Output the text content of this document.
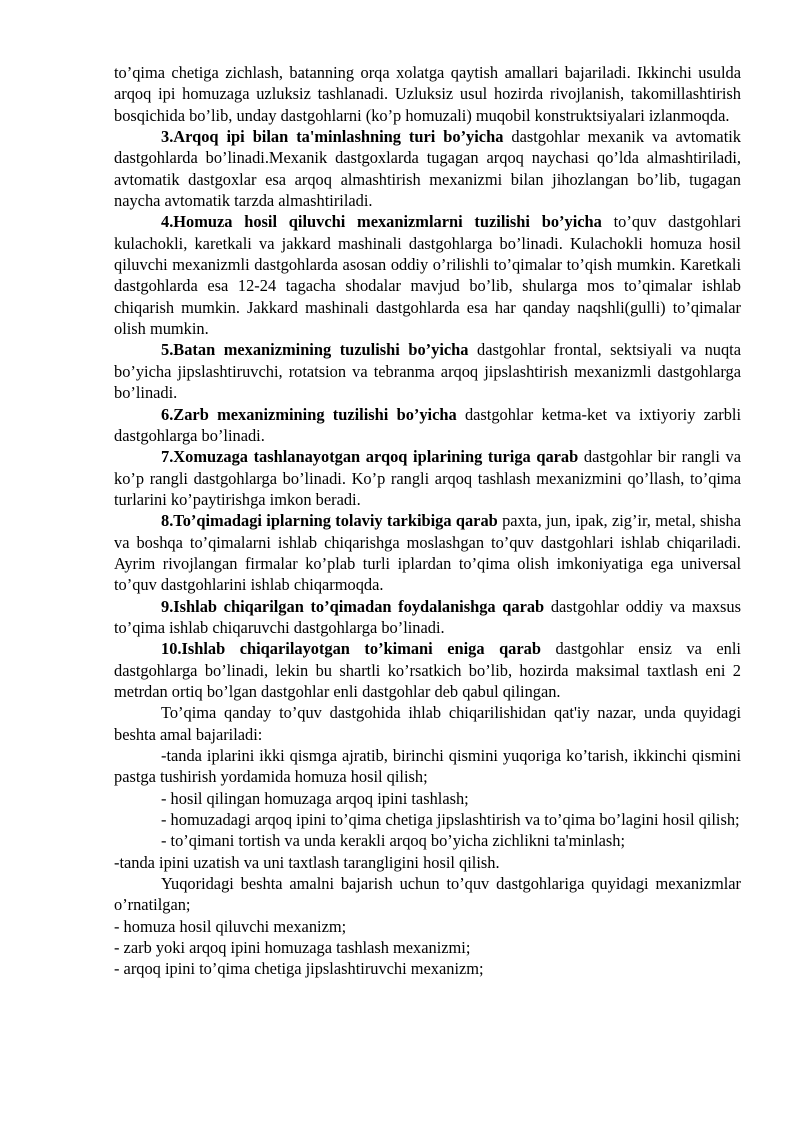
to’qima chetiga zichlash, batanning orqa xolatga qaytish amallari bajariladi. Ikkinchi usulda arqoq ipi homuzaga uzluksiz tashlanadi. Uzluksiz usul hozirda rivojlanish, takomillashtirish bosqichida bo’lib, unday dastgohlarni (ko’p homuzali) muqobil konstruktsiyalari izlanmoqda.

3.Arqoq ipi bilan ta'minlashning turi bo’yicha dastgohlar mexanik va avtomatik dastgohlarda bo’linadi.Mexanik dastgoxlarda tugagan arqoq naychasi qo’lda almashtiriladi, avtomatik dastgoxlar esa arqoq almashtirish mexanizmi bilan jihozlangan bo’lib, tugagan naycha avtomatik tarzda almashtiriladi.

4.Homuza hosil qiluvchi mexanizmlarni tuzilishi bo’yicha to’quv dastgohlari kulachokli, karetkali va jakkard mashinali dastgohlarga bo’linadi. Kulachokli homuza hosil qiluvchi mexanizmli dastgohlarda asosan oddiy o’rilishli to’qimalar to’qish mumkin. Karetkali dastgohlarda esa 12-24 tagacha shodalar mavjud bo’lib, shularga mos to’qimalar ishlab chiqarish mumkin. Jakkard mashinali dastgohlarda esa har qanday naqshli(gulli) to’qimalar olish mumkin.

5.Batan mexanizmining tuzulishi bo’yicha dastgohlar frontal, sektsiyali va nuqta bo’yicha jipslashtiruvchi, rotatsion va tebranma arqoq jipslashtirish mexanizmli dastgohlarga bo’linadi.

6.Zarb mexanizmining tuzilishi bo’yicha dastgohlar ketma-ket va ixtiyoriy zarbli dastgohlarga bo’linadi.

7.Xomuzaga tashlanayotgan arqoq iplarining turiga qarab dastgohlar bir rangli va ko’p rangli dastgohlarga bo’linadi. Ko’p rangli arqoq tashlash mexanizmini qo’llash, to’qima turlarini ko’paytirishga imkon beradi.

8.To’qimadagi iplarning tolaviy tarkibiga qarab paxta, jun, ipak, zig’ir, metal, shisha va boshqa to’qimalarni ishlab chiqarishga moslashgan to’quv dastgohlari ishlab chiqariladi. Ayrim rivojlangan firmalar ko’plab turli iplardan to’qima olish imkoniyatiga ega universal to’quv dastgohlarini ishlab chiqarmoqda.

9.Ishlab chiqarilgan to’qimadan foydalanishga qarab dastgohlar oddiy va maxsus to’qima ishlab chiqaruvchi dastgohlarga bo’linadi.

10.Ishlab chiqarilayotgan to’kimani eniga qarab dastgohlar ensiz va enli dastgohlarga bo’linadi, lekin bu shartli ko’rsatkich bo’lib, hozirda maksimal taxtlash eni 2 metrdan ortiq bo’lgan dastgohlar enli dastgohlar deb qabul qilingan.

To’qima qanday to’quv dastgohida ihlab chiqarilishidan qat'iy nazar, unda quyidagi beshta amal bajariladi:

-tanda iplarini ikki qismga ajratib, birinchi qismini yuqoriga ko’tarish, ikkinchi qismini pastga tushirish yordamida homuza hosil qilish;

- hosil qilingan homuzaga arqoq ipini tashlash;

- homuzadagi arqoq ipini to’qima chetiga jipslashtirish va to’qima bo’lagini hosil qilish;

- to’qimani tortish va unda kerakli arqoq bo’yicha zichlikni ta'minlash;

-tanda ipini uzatish va uni taxtlash tarangligini hosil qilish.

Yuqoridagi beshta amalni bajarish uchun to’quv dastgohlariga quyidagi mexanizmlar o’rnatilgan;

- homuza hosil qiluvchi mexanizm;

- zarb yoki arqoq ipini homuzaga tashlash mexanizmi;

- arqoq ipini to’qima chetiga jipslashtiruvchi mexanizm;
